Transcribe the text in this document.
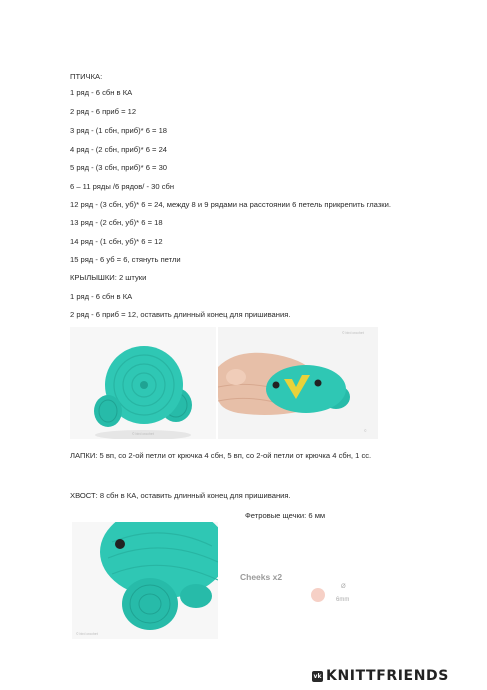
ПТИЧКА:
1 ряд - 6 сбн в КА
2 ряд - 6 приб = 12
3 ряд - (1 сбн, приб)* 6 = 18
4 ряд - (2 сбн, приб)* 6 = 24
5 ряд - (3 сбн, приб)* 6 = 30
6 – 11 ряды /6 рядов/ - 30 сбн
12 ряд - (3 сбн, уб)* 6 = 24, между 8 и 9 рядами на расстоянии 6 петель прикрепить глазки.
13 ряд - (2 сбн, уб)* 6 = 18
14 ряд - (1 сбн, уб)* 6 = 12
15 ряд - 6 уб = 6, стянуть петли
КРЫЛЫШКИ: 2 штуки
1 ряд - 6 сбн в КА
2 ряд - 6 приб = 12, оставить длинный конец для пришивания.
© bird crochet
© bird crochet
©
ЛАПКИ: 5 вп, со 2-ой петли от крючка 4 сбн, 5 вп, со 2-ой петли от крючка 4 сбн, 1 сс.
ХВОСТ: 8 сбн в КА, оставить длинный конец для пришивания.
Фетровые щечки: 6 мм
© bird crochet
Cheeks x2
Ø
6mm
vk KNITTFRIENDS
